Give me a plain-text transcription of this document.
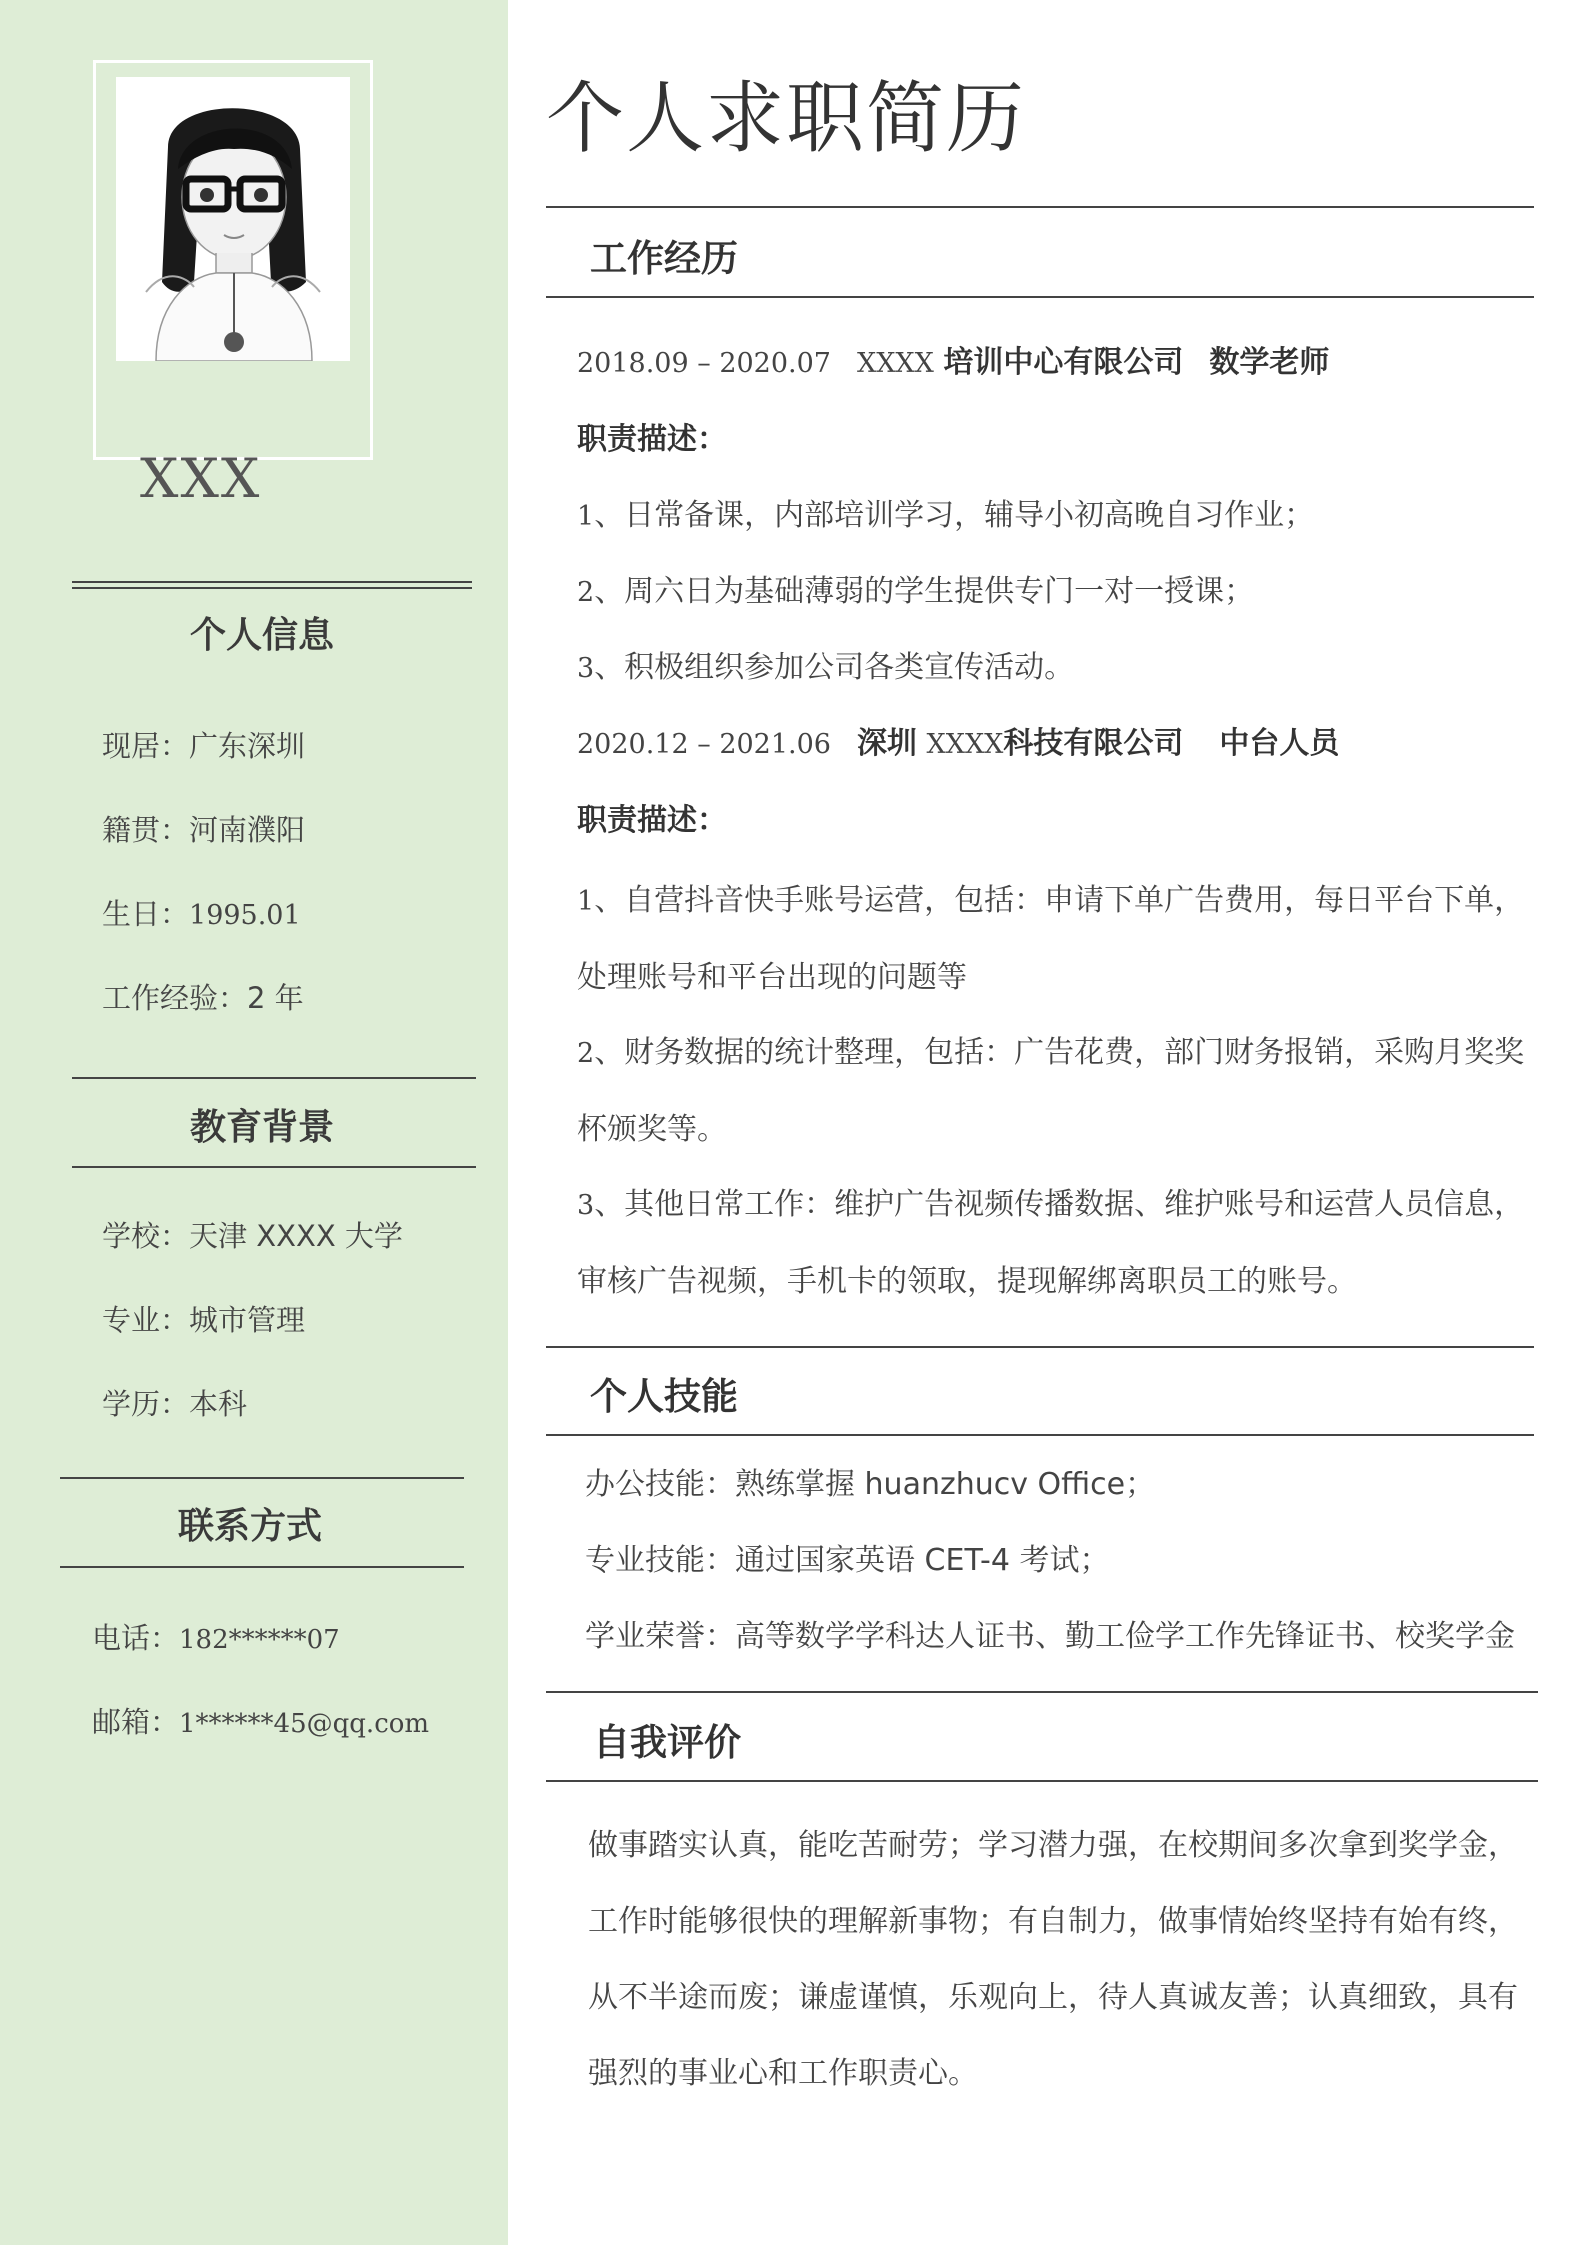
XXX
个人信息
现居：广东深圳
籍贯：河南濮阳
生日：1995.01
工作经验：2 年
教育背景
学校：天津 XXXX 大学
专业：城市管理
学历：本科
联系方式
电话：182******07
邮箱：1******45@qq.com
个人求职简历
工作经历
2018.09 – 2020.07 XXXX 培训中心有限公司 数学老师
职责描述：
1、日常备课，内部培训学习，辅导小初高晚自习作业；
2、周六日为基础薄弱的学生提供专门一对一授课；
3、积极组织参加公司各类宣传活动。
2020.12 – 2021.06 深圳 XXXX科技有限公司 中台人员
职责描述：
1、自营抖音快手账号运营，包括：申请下单广告费用，每日平台下单，处理账号和平台出现的问题等
2、财务数据的统计整理，包括：广告花费，部门财务报销，采购月奖奖杯颁奖等。
3、其他日常工作：维护广告视频传播数据、维护账号和运营人员信息，审核广告视频，手机卡的领取，提现解绑离职员工的账号。
个人技能
办公技能：熟练掌握 huanzhucv Office；
专业技能：通过国家英语 CET-4 考试；
学业荣誉：高等数学学科达人证书、勤工俭学工作先锋证书、校奖学金
自我评价
做事踏实认真，能吃苦耐劳；学习潜力强，在校期间多次拿到奖学金，工作时能够很快的理解新事物；有自制力，做事情始终坚持有始有终，从不半途而废；谦虚谨慎，乐观向上，待人真诚友善；认真细致，具有强烈的事业心和工作职责心。
